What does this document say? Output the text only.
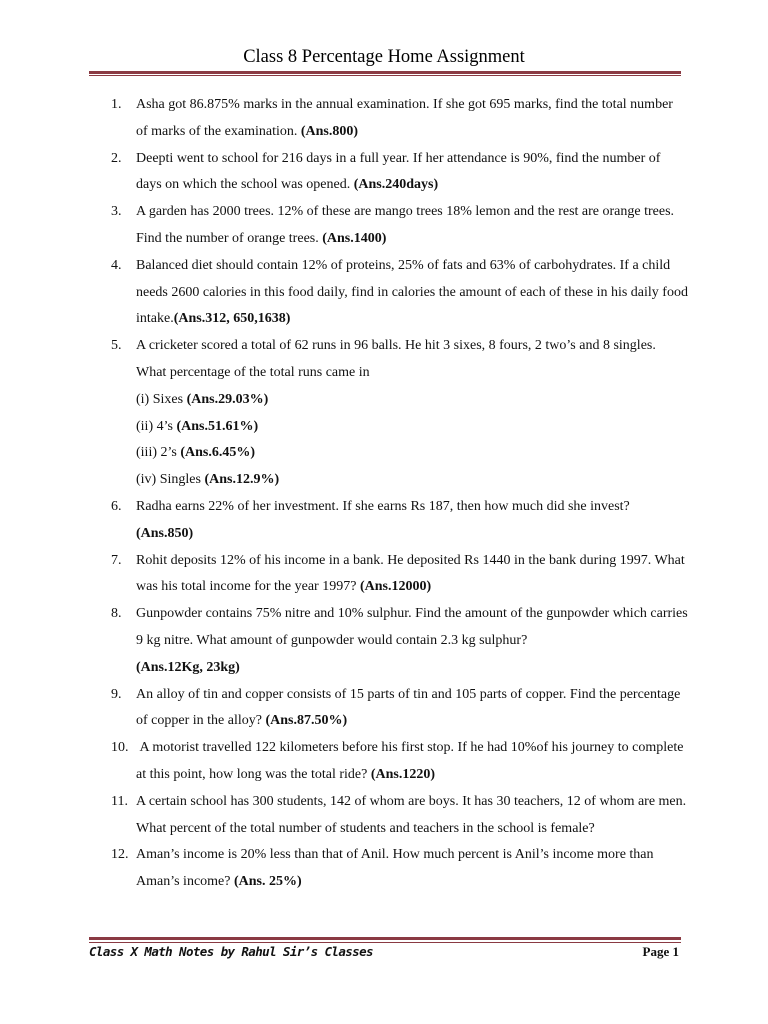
Class 8 Percentage Home Assignment
1. Asha got 86.875% marks in the annual examination. If she got 695 marks, find the total number of marks of the examination. (Ans.800)
2. Deepti went to school for 216 days in a full year. If her attendance is 90%, find the number of days on which the school was opened. (Ans.240days)
3. A garden has 2000 trees. 12% of these are mango trees 18% lemon and the rest are orange trees. Find the number of orange trees. (Ans.1400)
4. Balanced diet should contain 12% of proteins, 25% of fats and 63% of carbohydrates. If a child needs 2600 calories in this food daily, find in calories the amount of each of these in his daily food intake.(Ans.312, 650,1638)
5. A cricketer scored a total of 62 runs in 96 balls. He hit 3 sixes, 8 fours, 2 two’s and 8 singles. What percentage of the total runs came in
(i) Sixes (Ans.29.03%)
(ii) 4’s (Ans.51.61%)
(iii) 2’s (Ans.6.45%)
(iv) Singles (Ans.12.9%)
6. Radha earns 22% of her investment. If she earns Rs 187, then how much did she invest?
(Ans.850)
7. Rohit deposits 12% of his income in a bank. He deposited Rs 1440 in the bank during 1997. What was his total income for the year 1997? (Ans.12000)
8. Gunpowder contains 75% nitre and 10% sulphur. Find the amount of the gunpowder which carries 9 kg nitre. What amount of gunpowder would contain 2.3 kg sulphur?
(Ans.12Kg, 23kg)
9. An alloy of tin and copper consists of 15 parts of tin and 105 parts of copper. Find the percentage of copper in the alloy? (Ans.87.50%)
10. A motorist travelled 122 kilometers before his first stop. If he had 10%of his journey to complete at this point, how long was the total ride? (Ans.1220)
11. A certain school has 300 students, 142 of whom are boys. It has 30 teachers, 12 of whom are men. What percent of the total number of students and teachers in the school is female?
12. Aman’s income is 20% less than that of Anil. How much percent is Anil’s income more than Aman’s income? (Ans. 25%)
Class X Math Notes by Rahul Sir’s Classes	Page 1
